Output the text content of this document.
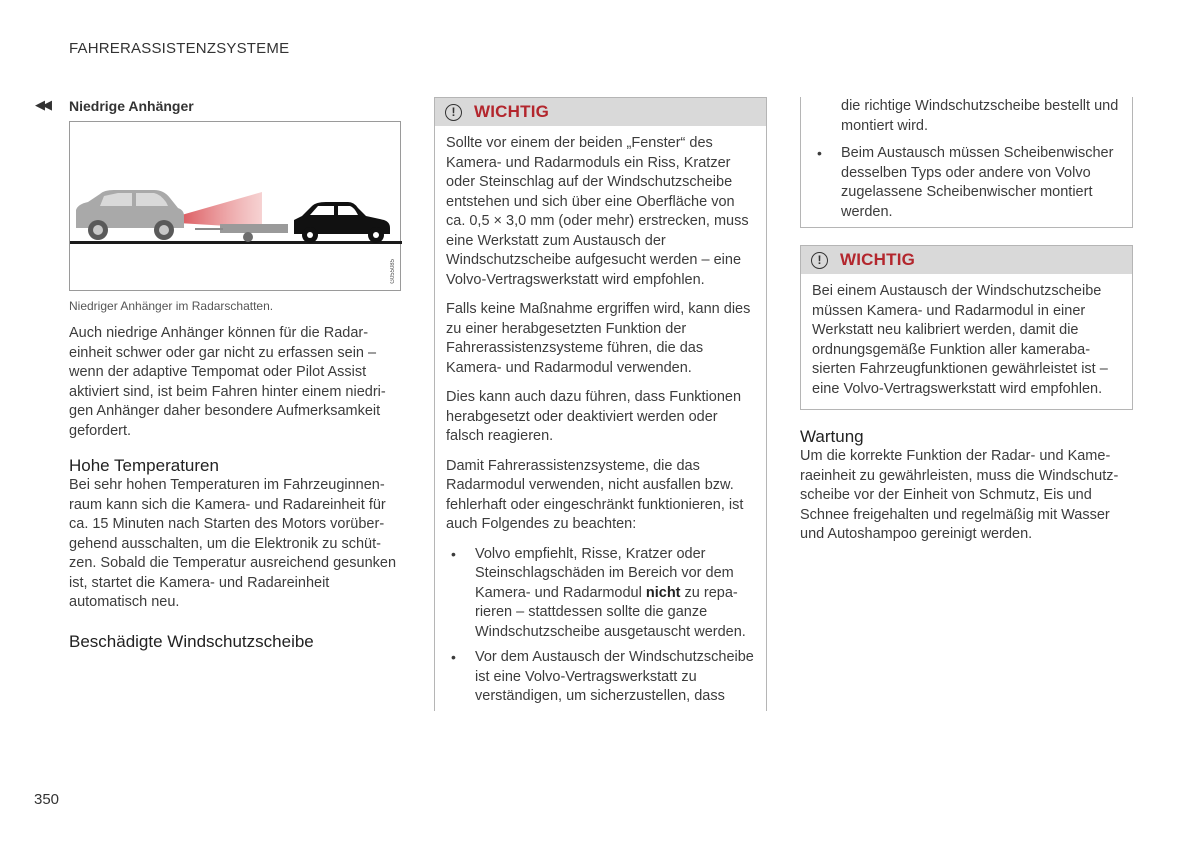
FAHRERASSISTENZSYSTEME
◀◀ Niedrige Anhänger
G055085
Niedriger Anhänger im Radarschatten.

Auch niedrige Anhänger können für die Radareinheit schwer oder gar nicht zu erfassen sein – wenn der adaptive Tempomat oder Pilot Assist aktiviert sind, ist beim Fahren hinter einem niedrigen Anhänger daher besondere Aufmerksamkeit gefordert.

Hohe Temperaturen

Bei sehr hohen Temperaturen im Fahrzeuginnenraum kann sich die Kamera- und Radareinheit für ca. 15 Minuten nach Starten des Motors vorübergehend ausschalten, um die Elektronik zu schützen. Sobald die Temperatur ausreichend gesunken ist, startet die Kamera- und Radareinheit automatisch neu.

Beschädigte Windschutzscheibe
!	WICHTIG

Sollte vor einem der beiden „Fenster“ des Kamera- und Radarmoduls ein Riss, Kratzer oder Steinschlag auf der Windschutzscheibe entstehen und sich über eine Oberfläche von ca. 0,5 × 3,0 mm (oder mehr) erstrecken, muss eine Werkstatt zum Austausch der Windschutzscheibe aufgesucht werden – eine Volvo-Vertragswerkstatt wird empfohlen.

Falls keine Maßnahme ergriffen wird, kann dies zu einer herabgesetzten Funktion der Fahrerassistenzsysteme führen, die das Kamera- und Radarmodul verwenden.

Dies kann auch dazu führen, dass Funktionen herabgesetzt oder deaktiviert werden oder falsch reagieren.

Damit Fahrerassistenzsysteme, die das Radarmodul verwenden, nicht ausfallen bzw. fehlerhaft oder eingeschränkt funktionieren, ist auch Folgendes zu beachten:

• Volvo empfiehlt, Risse, Kratzer oder Steinschlagschäden im Bereich vor dem Kamera- und Radarmodul nicht zu reparieren – stattdessen sollte die ganze Windschutzscheibe ausgetauscht werden.
• Vor dem Austausch der Windschutzscheibe ist eine Volvo-Vertragswerkstatt zu verständigen, um sicherzustellen, dass
die richtige Windschutzscheibe bestellt und montiert wird.
• Beim Austausch müssen Scheibenwischer desselben Typs oder andere von Volvo zugelassene Scheibenwischer montiert werden.
!	WICHTIG

Bei einem Austausch der Windschutzscheibe müssen Kamera- und Radarmodul in einer Werkstatt neu kalibriert werden, damit die ordnungsgemäße Funktion aller kamerabasierten Fahrzeugfunktionen gewährleistet ist – eine Volvo-Vertragswerkstatt wird empfohlen.

Wartung

Um die korrekte Funktion der Radar- und Kameraeinheit zu gewährleisten, muss die Windschutzscheibe vor der Einheit von Schmutz, Eis und Schnee freigehalten und regelmäßig mit Wasser und Autoshampoo gereinigt werden.

350
